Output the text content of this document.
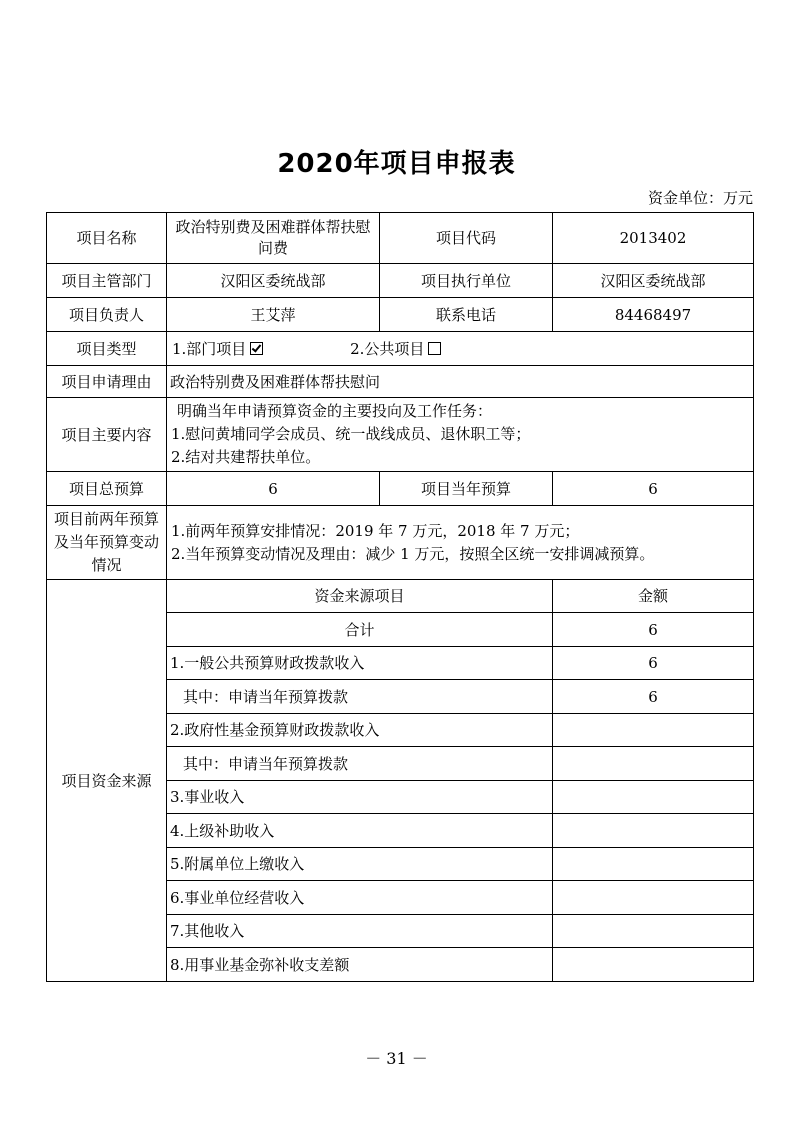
2020年项目申报表
资金单位：万元
项目名称	政治特别费及困难群体帮扶慰问费	项目代码	2013402
项目主管部门	汉阳区委统战部	项目执行单位	汉阳区委统战部
项目负责人	王艾萍	联系电话	84468497
项目类型	1.部门项目 2.公共项目		
项目申请理由	政治特别费及困难群体帮扶慰问		
项目主要内容	明确当年申请预算资金的主要投向及工作任务：
1.慰问黄埔同学会成员、统一战线成员、退休职工等；
2.结对共建帮扶单位。		

项目总预算	6	项目当年预算	6
项目前两年预算及当年预算变动情况	1.前两年预算安排情况：2019 年 7 万元，2018 年 7 万元；
2.当年预算变动情况及理由：减少 1 万元，按照全区统一安排调减预算。		

项目资金来源	资金来源项目		金额
	合计		6
	1.一般公共预算财政拨款收入		6
	其中：申请当年预算拨款		6
	2.政府性基金预算财政拨款收入		
	其中：申请当年预算拨款		
	3.事业收入		
	4.上级补助收入		
	5.附属单位上缴收入		
	6.事业单位经营收入		
	7.其他收入		
	8.用事业基金弥补收支差额		
－ 31 －
